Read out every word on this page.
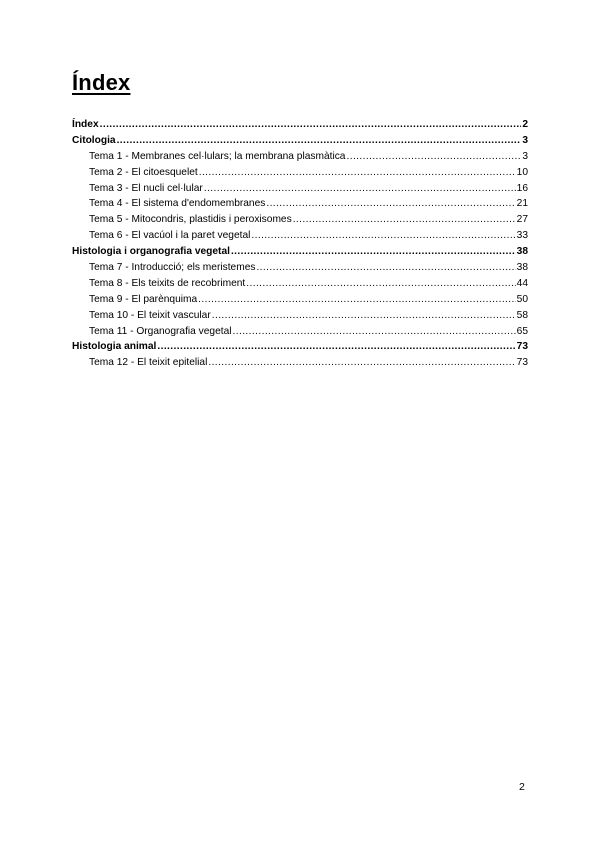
Índex
Índex .....	2
Citologia .....	3
Tema 1 - Membranes cel·lulars; la membrana plasmàtica .....	3
Tema 2 - El citoesquelet .....	10
Tema 3 - El nucli cel·lular .....	16
Tema 4 - El sistema d'endomembranes .....	21
Tema 5 - Mitocondris, plastidis i peroxisomes .....	27
Tema 6 - El vacúol i la paret vegetal .....	33
Histologia i organografia vegetal .....	38
Tema 7 - Introducció; els meristemes .....	38
Tema 8 - Els teixits de recobriment .....	44
Tema 9 - El parènquima .....	50
Tema 10 - El teixit vascular .....	58
Tema 11 - Organografia vegetal .....	65
Histologia animal .....	73
Tema 12 - El teixit epitelial .....	73
2
